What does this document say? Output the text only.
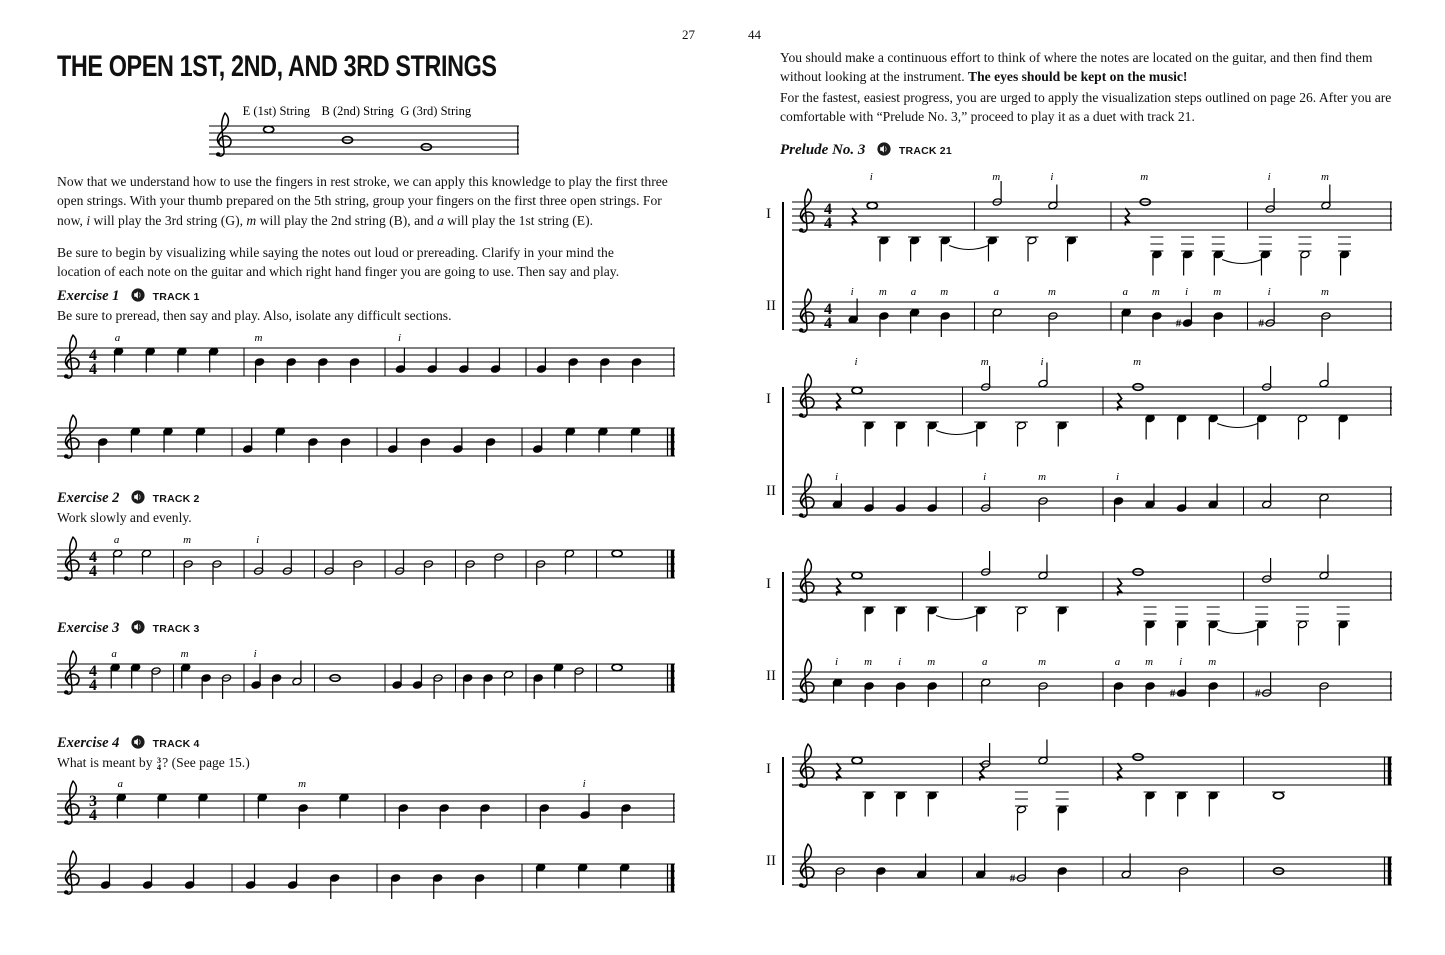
27	44
THE OPEN 1ST, 2ND, AND 3RD STRINGS
E (1st) String B (2nd) String G (3rd) String
Now that we understand how to use the fingers in rest stroke, we can apply this knowledge to play the first three open strings. With your thumb prepared on the 5th string, group your fingers on the first three open strings. For now, i will play the 3rd string (G), m will play the 2nd string (B), and a will play the 1st string (E).
Be sure to begin by visualizing while saying the notes out loud or prereading. Clarify in your mind the location of each note on the guitar and which right hand finger you are going to use. Then say and play.
Exercise 1	TRACK 1
Be sure to preread, then say and play. Also, isolate any difficult sections.
4
4
a	m	i
Exercise 2	TRACK 2
Work slowly and evenly.
4
4
a	m	i
Exercise 3	TRACK 3
4
4
a	m	i
Exercise 4	TRACK 4
What is meant by 3
4 ? (See page 15.)
3
4
a	m	i
You should make a continuous effort to think of where the notes are located on the guitar, and then find them without looking at the instrument. The eyes should be kept on the music!
For the fastest, easiest progress, you are urged to apply the visualization steps outlined on page 26. After you are comfortable with “Prelude No. 3,” proceed to play it as a duet with track 21.
Prelude No. 3	TRACK 21
I
II
4
4
i	m	i	m	i	m
4
4
i m a m	a	m	a m
#
i m
#
i	m
I
II
i	m	i	m
i	i	m	i
I
II
i m i m	a	m	a m
#
i m
#
I
II
#
